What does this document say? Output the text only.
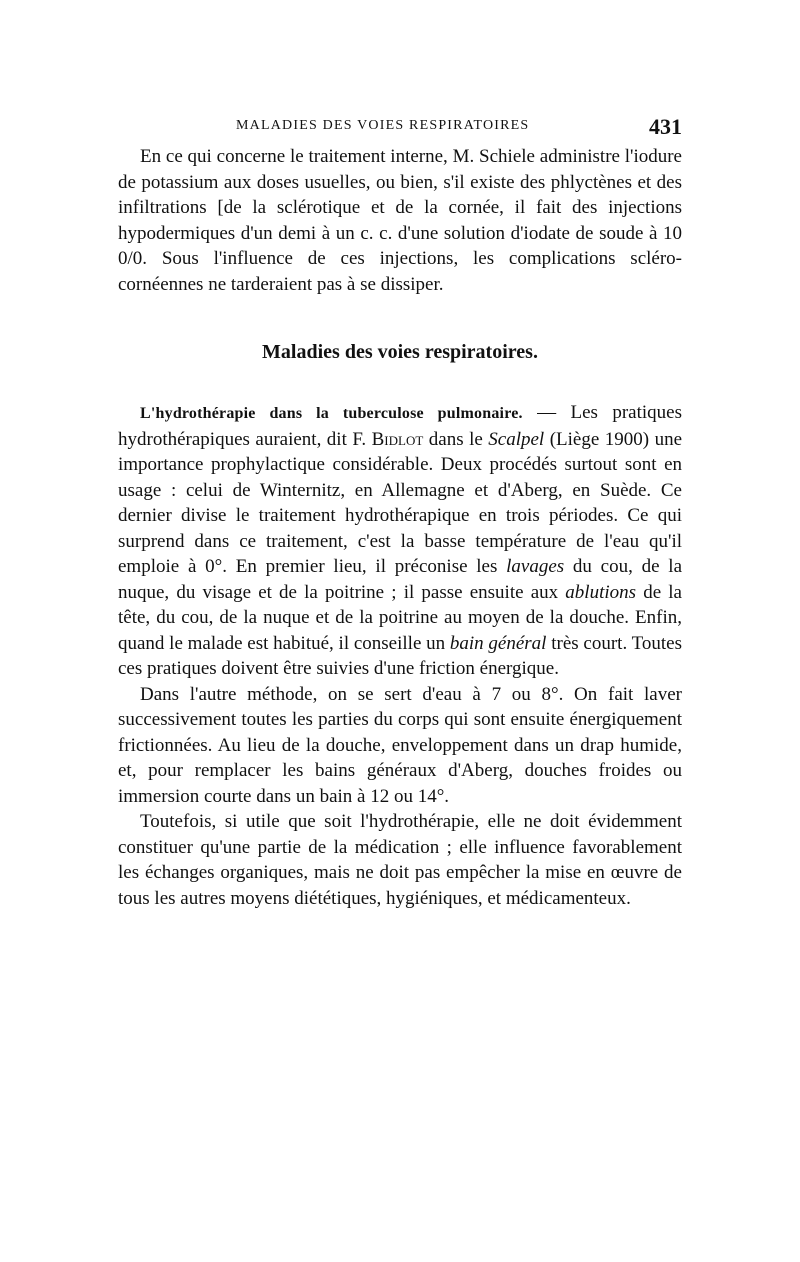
MALADIES DES VOIES RESPIRATOIRES	431

En ce qui concerne le traitement interne, M. Schiele administre l'iodure de potassium aux doses usuelles, ou bien, s'il existe des phlyctènes et des infiltrations [de la sclérotique et de la cornée, il fait des injections hypodermiques d'un demi à un c. c. d'une solution d'iodate de soude à 10 0/0. Sous l'influence de ces injections, les complications scléro-cornéennes ne tarderaient pas à se dissiper.

Maladies des voies respiratoires.

L'hydrothérapie dans la tuberculose pulmonaire. — Les pratiques hydrothérapiques auraient, dit F. Bidlot dans le Scalpel (Liège 1900) une importance prophylactique considérable. Deux procédés surtout sont en usage : celui de Winternitz, en Allemagne et d'Aberg, en Suède. Ce dernier divise le traitement hydrothérapique en trois périodes. Ce qui surprend dans ce traitement, c'est la basse température de l'eau qu'il emploie à 0°. En premier lieu, il préconise les lavages du cou, de la nuque, du visage et de la poitrine ; il passe ensuite aux ablutions de la tête, du cou, de la nuque et de la poitrine au moyen de la douche. Enfin, quand le malade est habitué, il conseille un bain général très court. Toutes ces pratiques doivent être suivies d'une friction énergique.

Dans l'autre méthode, on se sert d'eau à 7 ou 8°. On fait laver successivement toutes les parties du corps qui sont ensuite énergiquement frictionnées. Au lieu de la douche, enveloppement dans un drap humide, et, pour remplacer les bains généraux d'Aberg, douches froides ou immersion courte dans un bain à 12 ou 14°.

Toutefois, si utile que soit l'hydrothérapie, elle ne doit évidemment constituer qu'une partie de la médication ; elle influence favorablement les échanges organiques, mais ne doit pas empêcher la mise en œuvre de tous les autres moyens diététiques, hygiéniques, et médicamenteux.
